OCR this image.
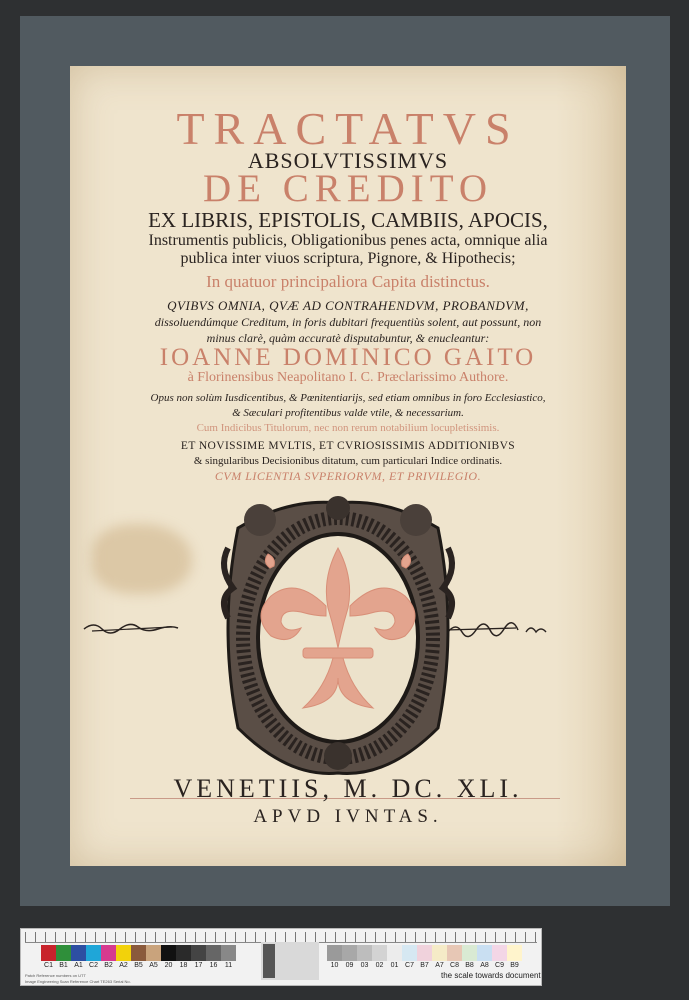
TRACTATVS
ABSOLVTISSIMVS
DE CREDITO
EX LIBRIS, EPISTOLIS, CAMBIIS, APOCIS,
Instrumentis publicis, Obligationibus penes acta, omnique alia
publica inter viuos scriptura, Pignore, & Hipothecis;
In quatuor principaliora Capita distinctus.
QVIBVS OMNIA, QVÆ AD CONTRAHENDVM, PROBANDVM,
dissoluendúmque Creditum, in foris dubitari frequentiùs solent, aut possunt, non
minus clarè, quàm accuratè disputabuntur, & enucleantur:
IOANNE DOMINICO GAITO
à Florinensibus Neapolitano I. C. Præclarissimo Authore.
Opus non solùm Iusdicentibus, & Pœnitentiarijs, sed etiam omnibus in foro Ecclesiastico,
& Sæculari profitentibus valde vtile, & necessarium.
Cum Indicibus Titulorum, nec non rerum notabilium locupletissimis.
ET NOVISSIME MVLTIS, ET CVRIOSISSIMIS ADDITIONIBVS
& singularibus Decisionibus ditatum, cum particulari Indice ordinatis.
CVM LICENTIA SVPERIORVM, ET PRIVILEGIO.
VENETIIS, M. DC. XLI.
APVD IVNTAS.
C1 B1 A1 C2 B2 A2 B5 A5 20	18	17	16	11	10	09	03	02	01 C7 B7 A7 C8 B8 A8 C9 B9
Patch Reference numbers on UTT
Image Engineering Scan Reference Chart TE263 Serial No.
the scale towards document
